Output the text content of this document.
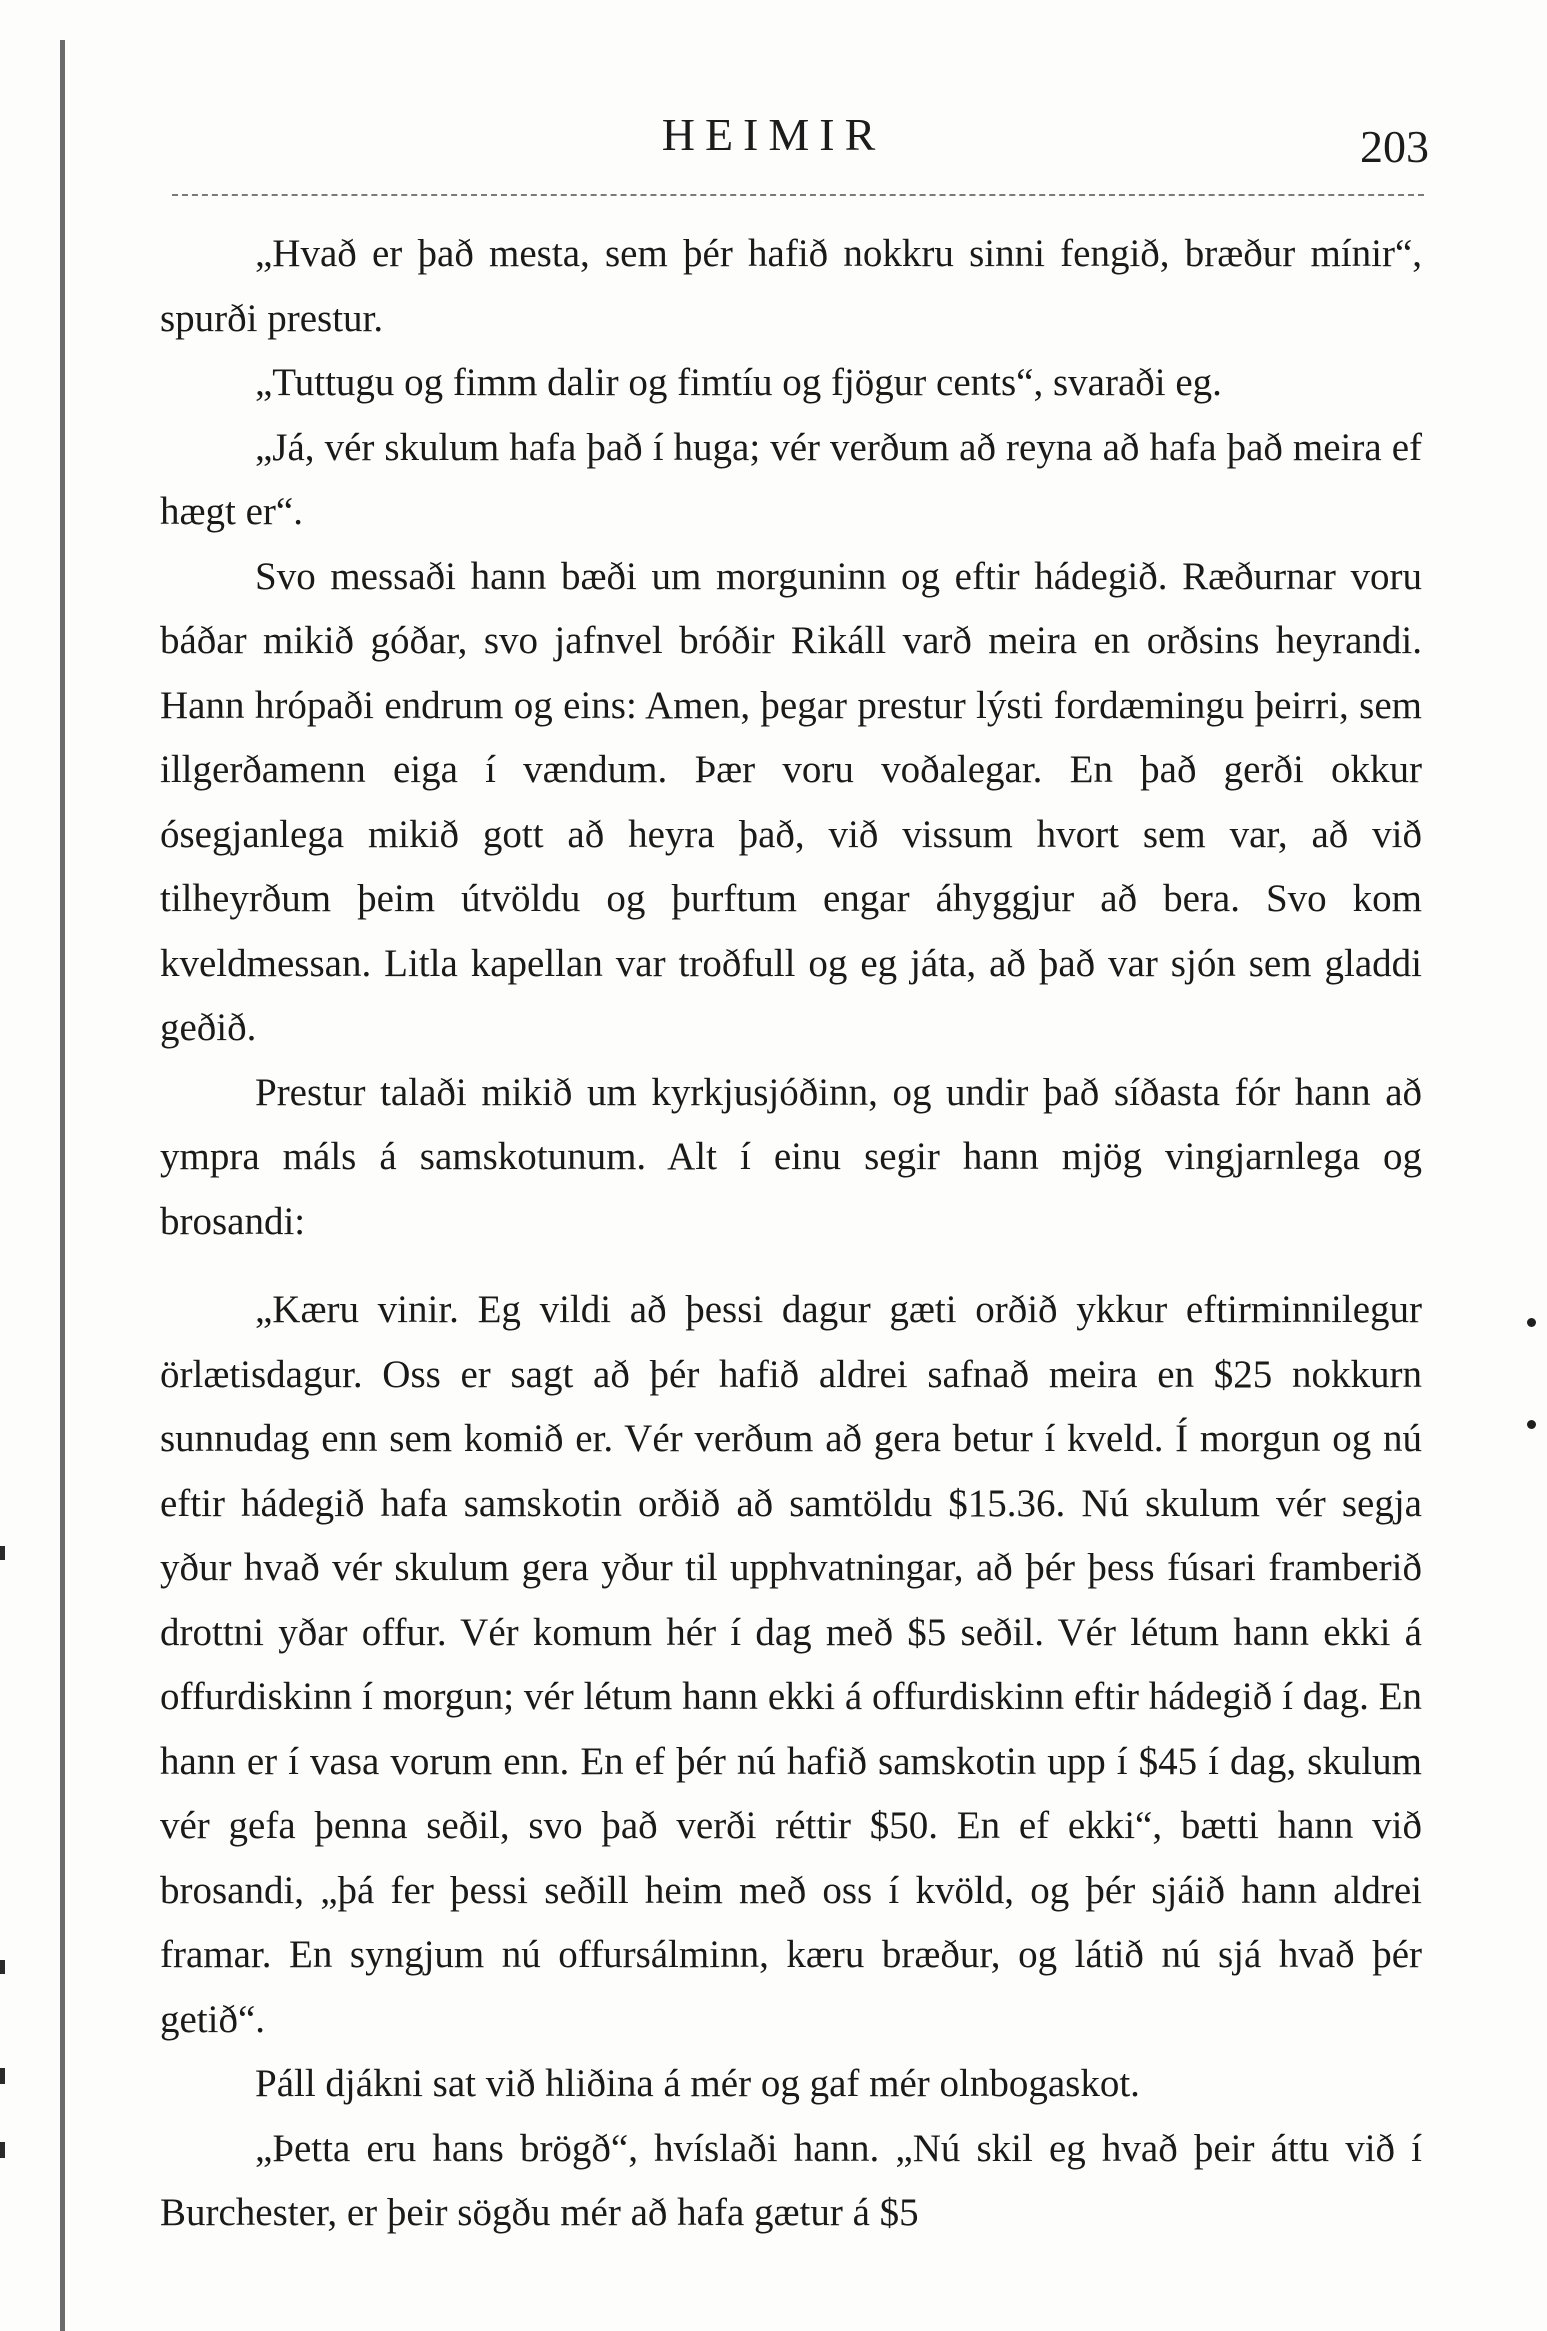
HEIMIR	203

„Hvað er það mesta, sem þér hafið nokkru sinni fengið, bræður mínir“, spurði prestur.

„Tuttugu og fimm dalir og fimtíu og fjögur cents“, svaraði eg.

„Já, vér skulum hafa það í huga; vér verðum að reyna að hafa það meira ef hægt er“.

Svo messaði hann bæði um morguninn og eftir hádegið. Ræðurnar voru báðar mikið góðar, svo jafnvel bróðir Rikáll varð meira en orðsins heyrandi. Hann hrópaði endrum og eins: Amen, þegar prestur lýsti fordæmingu þeirri, sem illgerðamenn eiga í vændum. Þær voru voðalegar. En það gerði okkur ósegjanlega mikið gott að heyra það, við vissum hvort sem var, að við tilheyrðum þeim útvöldu og þurftum engar áhyggjur að bera. Svo kom kveldmessan. Litla kapellan var troðfull og eg játa, að það var sjón sem gladdi geðið.

Prestur talaði mikið um kyrkjusjóðinn, og undir það síðasta fór hann að ympra máls á samskotunum. Alt í einu segir hann mjög vingjarnlega og brosandi:

„Kæru vinir. Eg vildi að þessi dagur gæti orðið ykkur eftirminnilegur örlætisdagur. Oss er sagt að þér hafið aldrei safnað meira en $25 nokkurn sunnudag enn sem komið er. Vér verðum að gera betur í kveld. Í morgun og nú eftir hádegið hafa samskotin orðið að samtöldu $15.36. Nú skulum vér segja yður hvað vér skulum gera yður til upphvatningar, að þér þess fúsari framberið drottni yðar offur. Vér komum hér í dag með $5 seðil. Vér létum hann ekki á offurdiskinn í morgun; vér létum hann ekki á offurdiskinn eftir hádegið í dag. En hann er í vasa vorum enn. En ef þér nú hafið samskotin upp í $45 í dag, skulum vér gefa þenna seðil, svo það verði réttir $50. En ef ekki“, bætti hann við brosandi, „þá fer þessi seðill heim með oss í kvöld, og þér sjáið hann aldrei framar. En syngjum nú offursálminn, kæru bræður, og látið nú sjá hvað þér getið“.

Páll djákni sat við hliðina á mér og gaf mér olnbogaskot.

„Þetta eru hans brögð“, hvíslaði hann. „Nú skil eg hvað þeir áttu við í Burchester, er þeir sögðu mér að hafa gætur á $5
